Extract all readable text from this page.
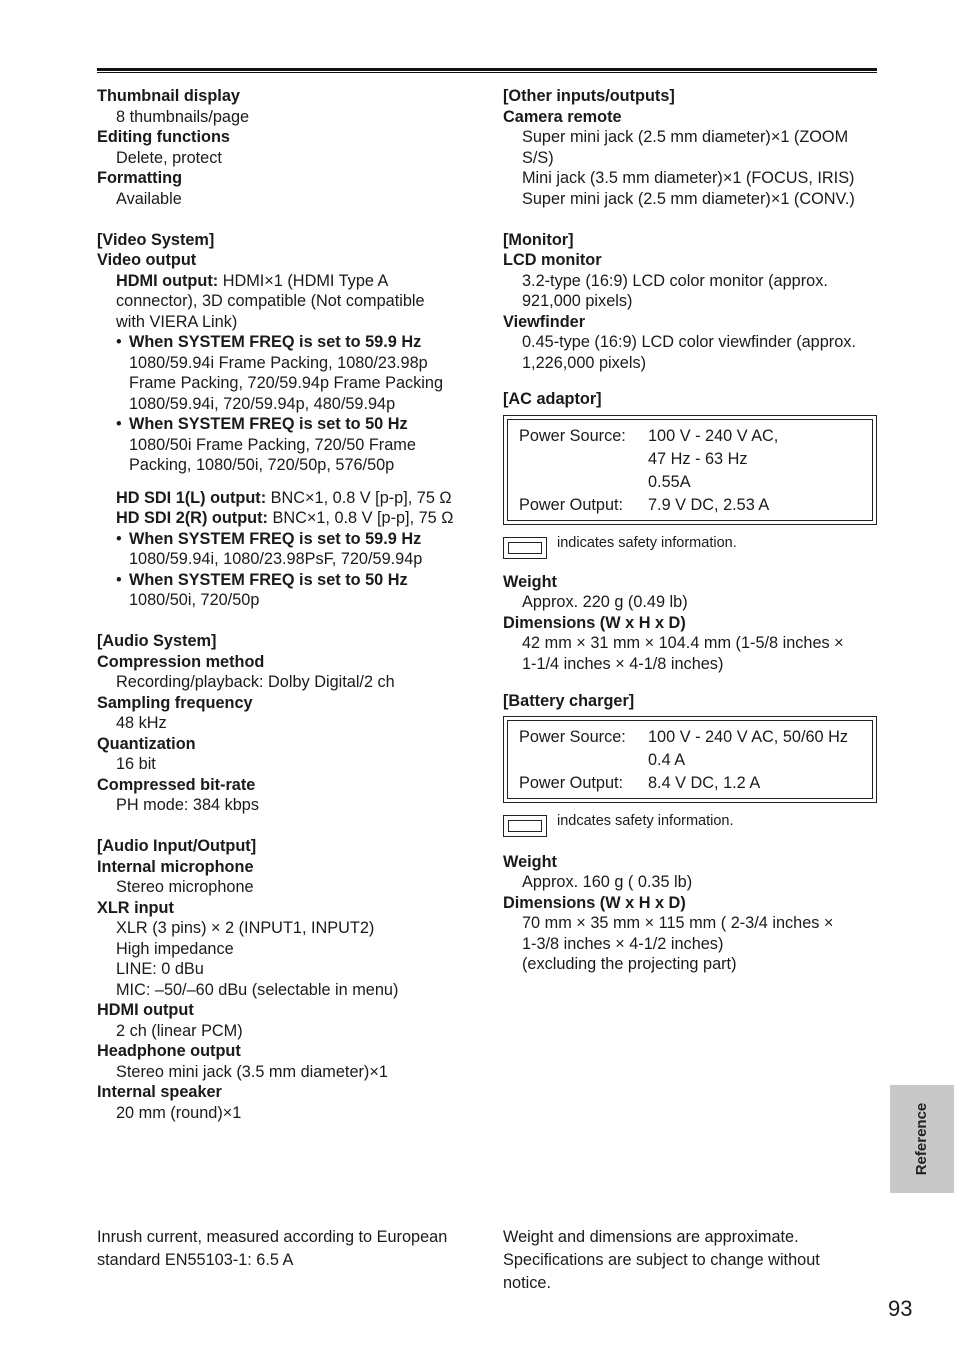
Thumbnail display
8 thumbnails/page
Editing functions
Delete, protect
Formatting
Available
[Video System]
Video output
HDMI output: HDMI×1 (HDMI Type A
connector), 3D compatible (Not compatible
with VIERA Link)
• When SYSTEM FREQ is set to 59.9 Hz
1080/59.94i Frame Packing, 1080/23.98p
Frame Packing, 720/59.94p Frame Packing
1080/59.94i, 720/59.94p, 480/59.94p
• When SYSTEM FREQ is set to 50 Hz
1080/50i Frame Packing, 720/50 Frame
Packing, 1080/50i, 720/50p, 576/50p
HD SDI 1(L) output: BNC×1, 0.8 V [p-p], 75 Ω
HD SDI 2(R) output: BNC×1, 0.8 V [p-p], 75 Ω
• When SYSTEM FREQ is set to 59.9 Hz
1080/59.94i, 1080/23.98PsF, 720/59.94p
• When SYSTEM FREQ is set to 50 Hz
1080/50i, 720/50p
[Audio System]
Compression method
Recording/playback: Dolby Digital/2 ch
Sampling frequency
48 kHz
Quantization
16 bit
Compressed bit-rate
PH mode: 384 kbps
[Audio Input/Output]
Internal microphone
Stereo microphone
XLR input
XLR (3 pins) × 2 (INPUT1, INPUT2)
High impedance
LINE: 0 dBu
MIC: –50/–60 dBu (selectable in menu)
HDMI output
2 ch (linear PCM)
Headphone output
Stereo mini jack (3.5 mm diameter)×1
Internal speaker
20 mm (round)×1
[Other inputs/outputs]
Camera remote
Super mini jack (2.5 mm diameter)×1 (ZOOM
S/S)
Mini jack (3.5 mm diameter)×1 (FOCUS, IRIS)
Super mini jack (2.5 mm diameter)×1 (CONV.)
[Monitor]
LCD monitor
3.2-type (16:9) LCD color monitor (approx.
921,000 pixels)
Viewfinder
0.45-type (16:9) LCD color viewfinder (approx.
1,226,000 pixels)
[AC adaptor]
Power Source:	100 V - 240 V AC,
	47 Hz - 63 Hz
	0.55A
Power Output:	7.9 V DC, 2.53 A
indicates safety information.
Weight
Approx. 220 g (0.49 lb)
Dimensions (W x H x D)
42 mm × 31 mm × 104.4 mm (1-5/8 inches ×
1-1/4 inches × 4-1/8 inches)
[Battery charger]
Power Source:	100 V - 240 V AC, 50/60 Hz
	0.4 A
Power Output:	8.4 V DC, 1.2 A
indcates safety information.
Weight
Approx. 160 g ( 0.35 lb)
Dimensions (W x H x D)
70 mm × 35 mm × 115 mm ( 2-3/4 inches ×
1-3/8 inches × 4-1/2 inches)
(excluding the projecting part)
Reference
Inrush current, measured according to European
standard EN55103-1: 6.5 A
Weight and dimensions are approximate.
Specifications are subject to change without
notice.
93
